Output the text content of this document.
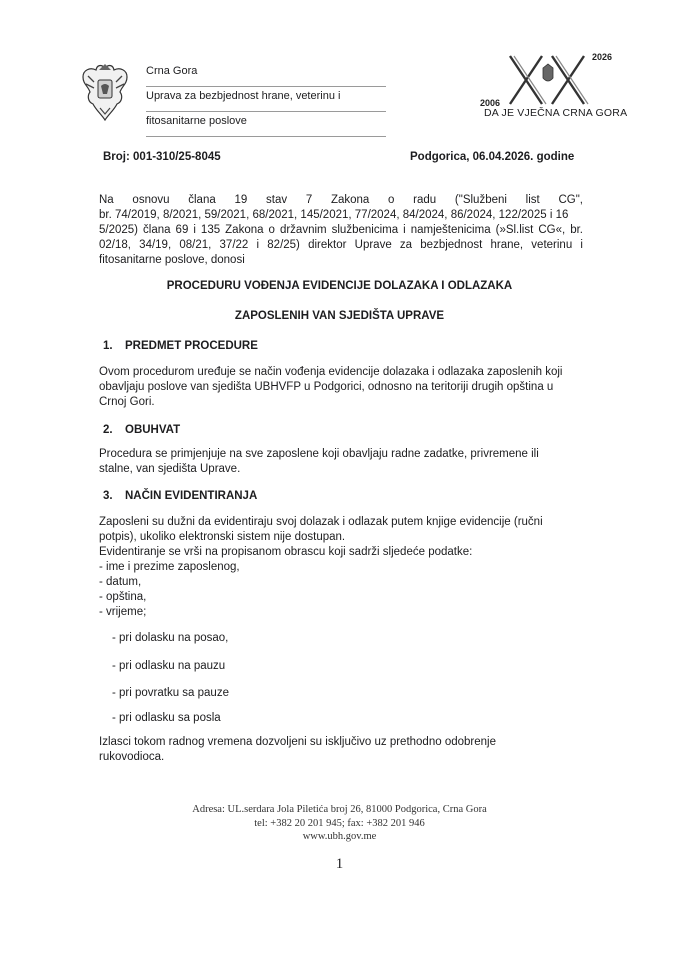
Crna Gora
Uprava za bezbjednost hrane, veterinu i
fitosanitarne poslove
2006
2026
DA JE VJEČNA CRNA GORA
Broj: 001-310/25-8045	Podgorica, 06.04.2026. godine
Na osnovu člana 19 stav 7 Zakona o radu ("Službeni list CG",
br. 74/2019, 8/2021, 59/2021, 68/2021, 145/2021, 77/2024, 84/2024, 86/2024, 122/2025 i 16
5/2025) člana 69 i 135 Zakona o državnim službenicima i namještenicima (»Sl.list CG«, br.
02/18, 34/19, 08/21, 37/22 i 82/25) direktor Uprave za bezbjednost hrane, veterinu i
fitosanitarne poslove, donosi
PROCEDURU VOĐENJA EVIDENCIJE DOLAZAKA I ODLAZAKA
ZAPOSLENIH VAN SJEDIŠTA UPRAVE
1. PREDMET PROCEDURE
Ovom procedurom uređuje se način vođenja evidencije dolazaka i odlazaka zaposlenih koji
obavljaju poslove van sjedišta UBHVFP u Podgorici, odnosno na teritoriji drugih opština u
Crnoj Gori.
2. OBUHVAT
Procedura se primjenjuje na sve zaposlene koji obavljaju radne zadatke, privremene ili
stalne, van sjedišta Uprave.
3. NAČIN EVIDENTIRANJA
Zaposleni su dužni da evidentiraju svoj dolazak i odlazak putem knjige evidencije (ručni
potpis), ukoliko elektronski sistem nije dostupan.
Evidentiranje se vrši na propisanom obrascu koji sadrži sljedeće podatke:
- ime i prezime zaposlenog,
- datum,
- opština,
- vrijeme;
- pri dolasku na posao,
- pri odlasku na pauzu
- pri povratku sa pauze
- pri odlasku sa posla
Izlasci tokom radnog vremena dozvoljeni su isključivo uz prethodno odobrenje
rukovodioca.
Adresa: UL.serdara Jola Piletića broj 26, 81000 Podgorica, Crna Gora
tel: +382 20 201 945; fax: +382 201 946
www.ubh.gov.me
1
